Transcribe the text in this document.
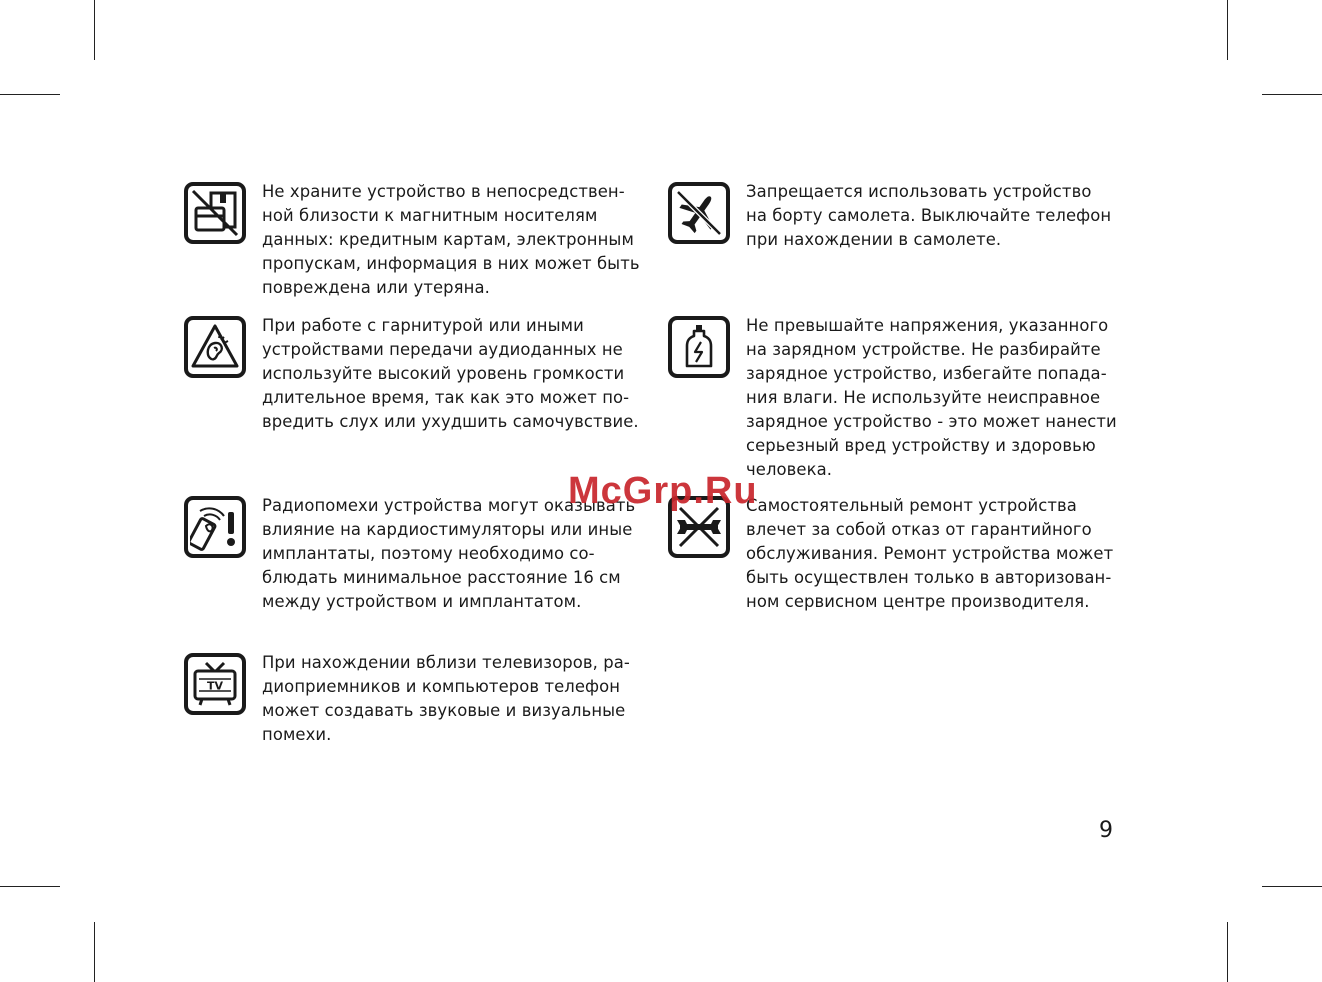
Не храните устройство в непосредствен-
ной близости к магнитным носителям
данных: кредитным картам, электронным
пропускам, информация в них может быть
повреждена или утеряна.
При работе с гарнитурой или иными
устройствами передачи аудиоданных не
используйте высокий уровень громкости
длительное время, так как это может по-
вредить слух или ухудшить самочувствие.
Радиопомехи устройства могут оказывать
влияние на кардиостимуляторы или иные
имплантаты, поэтому необходимо со-
блюдать минимальное расстояние 16 см
между устройством и имплантатом.
TV
При нахождении вблизи телевизоров, ра-
диоприемников и компьютеров телефон
может создавать звуковые и визуальные
помехи.
Запрещается использовать устройство
на борту самолета. Выключайте телефон
при нахождении в самолете.
Не превышайте напряжения, указанного
на зарядном устройстве. Не разбирайте
зарядное устройство, избегайте попада-
ния влаги. Не используйте неисправное
зарядное устройство - это может нанести
серьезный вред устройству и здоровью
человека.
Самостоятельный ремонт устройства
влечет за собой отказ от гарантийного
обслуживания. Ремонт устройства может
быть осуществлен только в авторизован-
ном сервисном центре производителя.
McGrp.Ru
9
